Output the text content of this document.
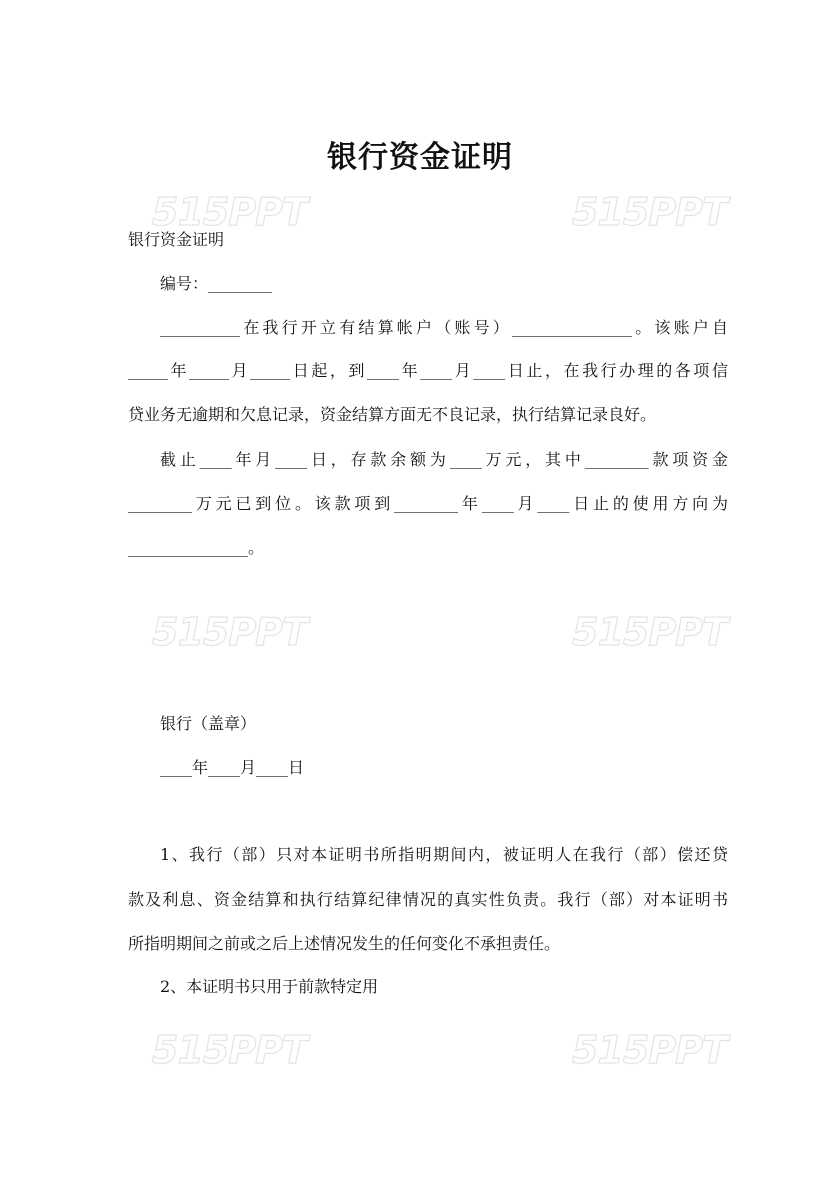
515PPT	515PPT
515PPT	515PPT
515PPT	515PPT
银行资金证明

银行资金证明

编号：________

__________在我行开立有结算帐户（账号）_______________。该账户自

_____年_____月_____日起，到____年____月____日止，在我行办理的各项信

贷业务无逾期和欠息记录，资金结算方面无不良记录，执行结算记录良好。

截止____年月____日，存款余额为____万元，其中________款项资金

________万元已到位。该款项到________年____月____日止的使用方向为

_______________。

银行（盖章）

____年____月____日

1、我行（部）只对本证明书所指明期间内，被证明人在我行（部）偿还贷

款及利息、资金结算和执行结算纪律情况的真实性负责。我行（部）对本证明书

所指明期间之前或之后上述情况发生的任何变化不承担责任。

2、本证明书只用于前款特定用
